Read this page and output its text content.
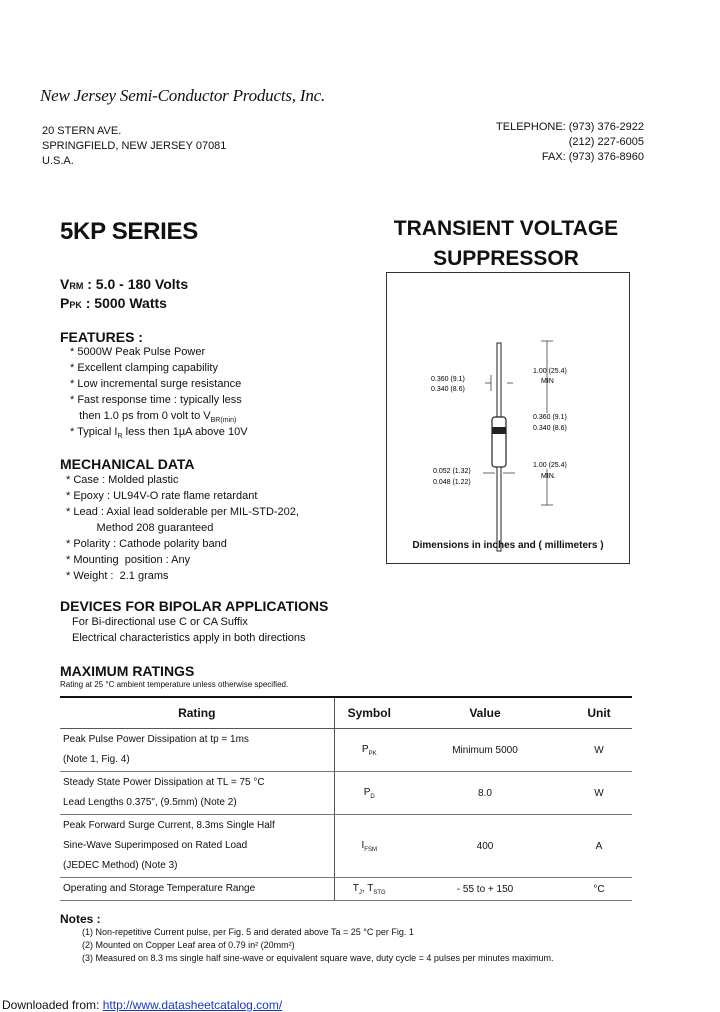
New Jersey Semi-Conductor Products, Inc.
20 STERN AVE.
SPRINGFIELD, NEW JERSEY 07081
U.S.A.
TELEPHONE: (973) 376-2922
(212) 227-6005
FAX: (973) 376-8960
5KP SERIES	TRANSIENT VOLTAGE
SUPPRESSOR
VRM : 5.0 - 180 Volts
PPK : 5000 Watts
FEATURES :
* 5000W Peak Pulse Power
* Excellent clamping capability
* Low incremental surge resistance
* Fast response time : typically less
then 1.0 ps from 0 volt to $V_{BR(min)}$
* Typical $I_R$ less then 1µA above 10V
MECHANICAL DATA
* Case : Molded plastic
* Epoxy : UL94V-O rate flame retardant
* Lead : Axial lead solderable per MIL-STD-202,
Method 208 guaranteed
* Polarity : Cathode polarity band
* Mounting  position : Any
* Weight :  2.1 grams
DEVICES FOR BIPOLAR APPLICATIONS
For Bi-directional use C or CA Suffix
Electrical characteristics apply in both directions
0.360 (9.1)
0.340 (8.6)
1.00 (25.4)
MIN
0.360 (9.1)
0.340 (8.6)
1.00 (25.4)
MIN.
0.052 (1.32)
0.048 (1.22)
Dimensions in inches and ( millimeters )
MAXIMUM RATINGS
Rating at 25 °C ambient temperature unless otherwise specified.
Rating	Symbol	Value	Unit

Peak Pulse Power Dissipation at tp = 1ms
(Note 1, Fig. 4)	$P_{PK}$	Minimum 5000	W

Steady State Power Dissipation at TL = 75 °C
Lead Lengths 0.375", (9.5mm) (Note 2)	$P_D$	8.0	W

Peak Forward Surge Current, 8.3ms Single Half
Sine-Wave Superimposed on Rated Load
(JEDEC Method) (Note 3)	$I_{FSM}$	400	A

Operating and Storage Temperature Range	$T_J$, $T_{STG}$	- 55 to + 150	°C
Notes :
(1) Non-repetitive Current pulse, per Fig. 5 and derated above Ta = 25 °C per Fig. 1
(2) Mounted on Copper Leaf area of 0.79 in² (20mm²)
(3) Measured on 8.3 ms single half sine-wave or equivalent square wave, duty cycle = 4 pulses per minutes maximum.
Downloaded from: http://www.datasheetcatalog.com/
